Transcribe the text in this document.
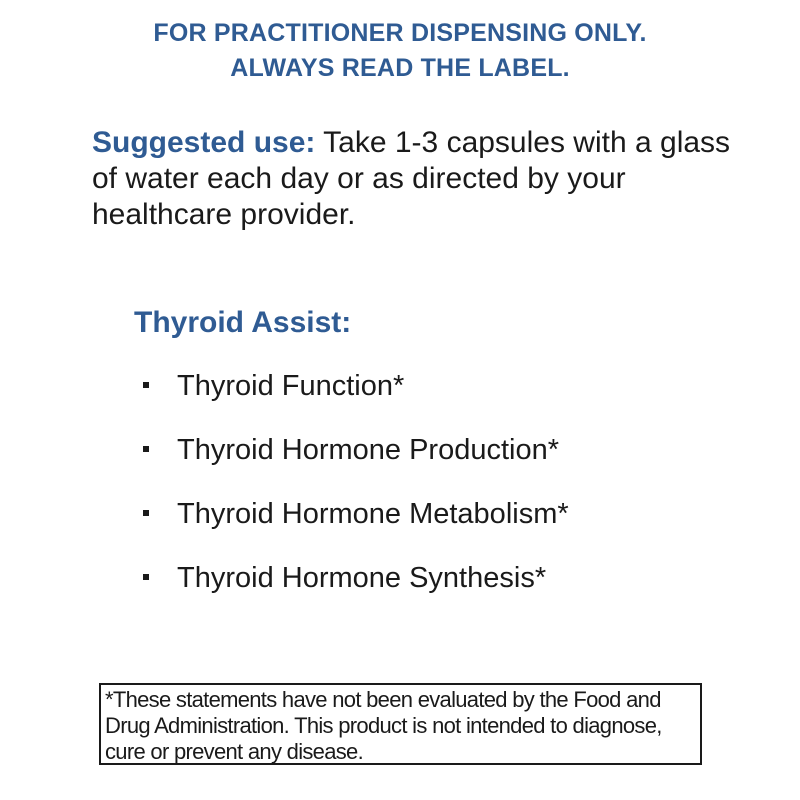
FOR PRACTITIONER DISPENSING ONLY.
ALWAYS READ THE LABEL.
Suggested use: Take 1-3 capsules with a glass of water each day or as directed by your healthcare provider.
Thyroid Assist:
Thyroid Function*
Thyroid Hormone Production*
Thyroid Hormone Metabolism*
Thyroid Hormone Synthesis*
*These statements have not been evaluated by the Food and Drug Administration. This product is not intended to diagnose, cure or prevent any disease.
